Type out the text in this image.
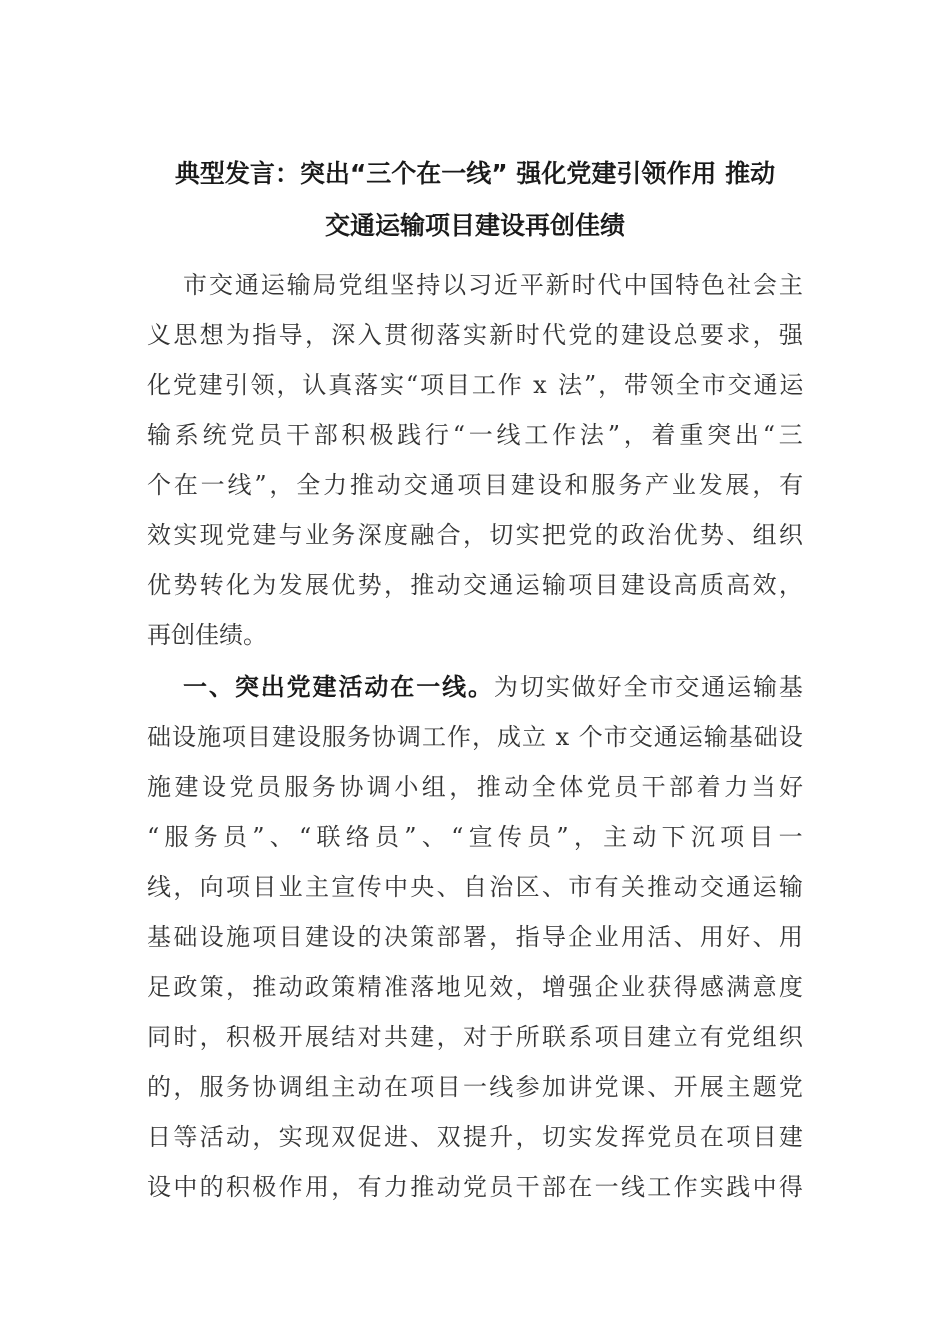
典型发言：突出“三个在一线” 强化党建引领作用 推动
交通运输项目建设再创佳绩
市交通运输局党组坚持以习近平新时代中国特色社会主
义思想为指导，深入贯彻落实新时代党的建设总要求，强
化党建引领，认真落实“项目工作 x 法”，带领全市交通运
输系统党员干部积极践行“一线工作法”，着重突出“三
个在一线”，全力推动交通项目建设和服务产业发展，有
效实现党建与业务深度融合，切实把党的政治优势、组织
优势转化为发展优势，推动交通运输项目建设高质高效，
再创佳绩。
一、突出党建活动在一线。为切实做好全市交通运输基
础设施项目建设服务协调工作，成立 x 个市交通运输基础设
施建设党员服务协调小组，推动全体党员干部着力当好
“服务员”、“联络员”、“宣传员”，主动下沉项目一
线，向项目业主宣传中央、自治区、市有关推动交通运输
基础设施项目建设的决策部署，指导企业用活、用好、用
足政策，推动政策精准落地见效，增强企业获得感满意度
同时，积极开展结对共建，对于所联系项目建立有党组织
的，服务协调组主动在项目一线参加讲党课、开展主题党
日等活动，实现双促进、双提升，切实发挥党员在项目建
设中的积极作用，有力推动党员干部在一线工作实践中得
